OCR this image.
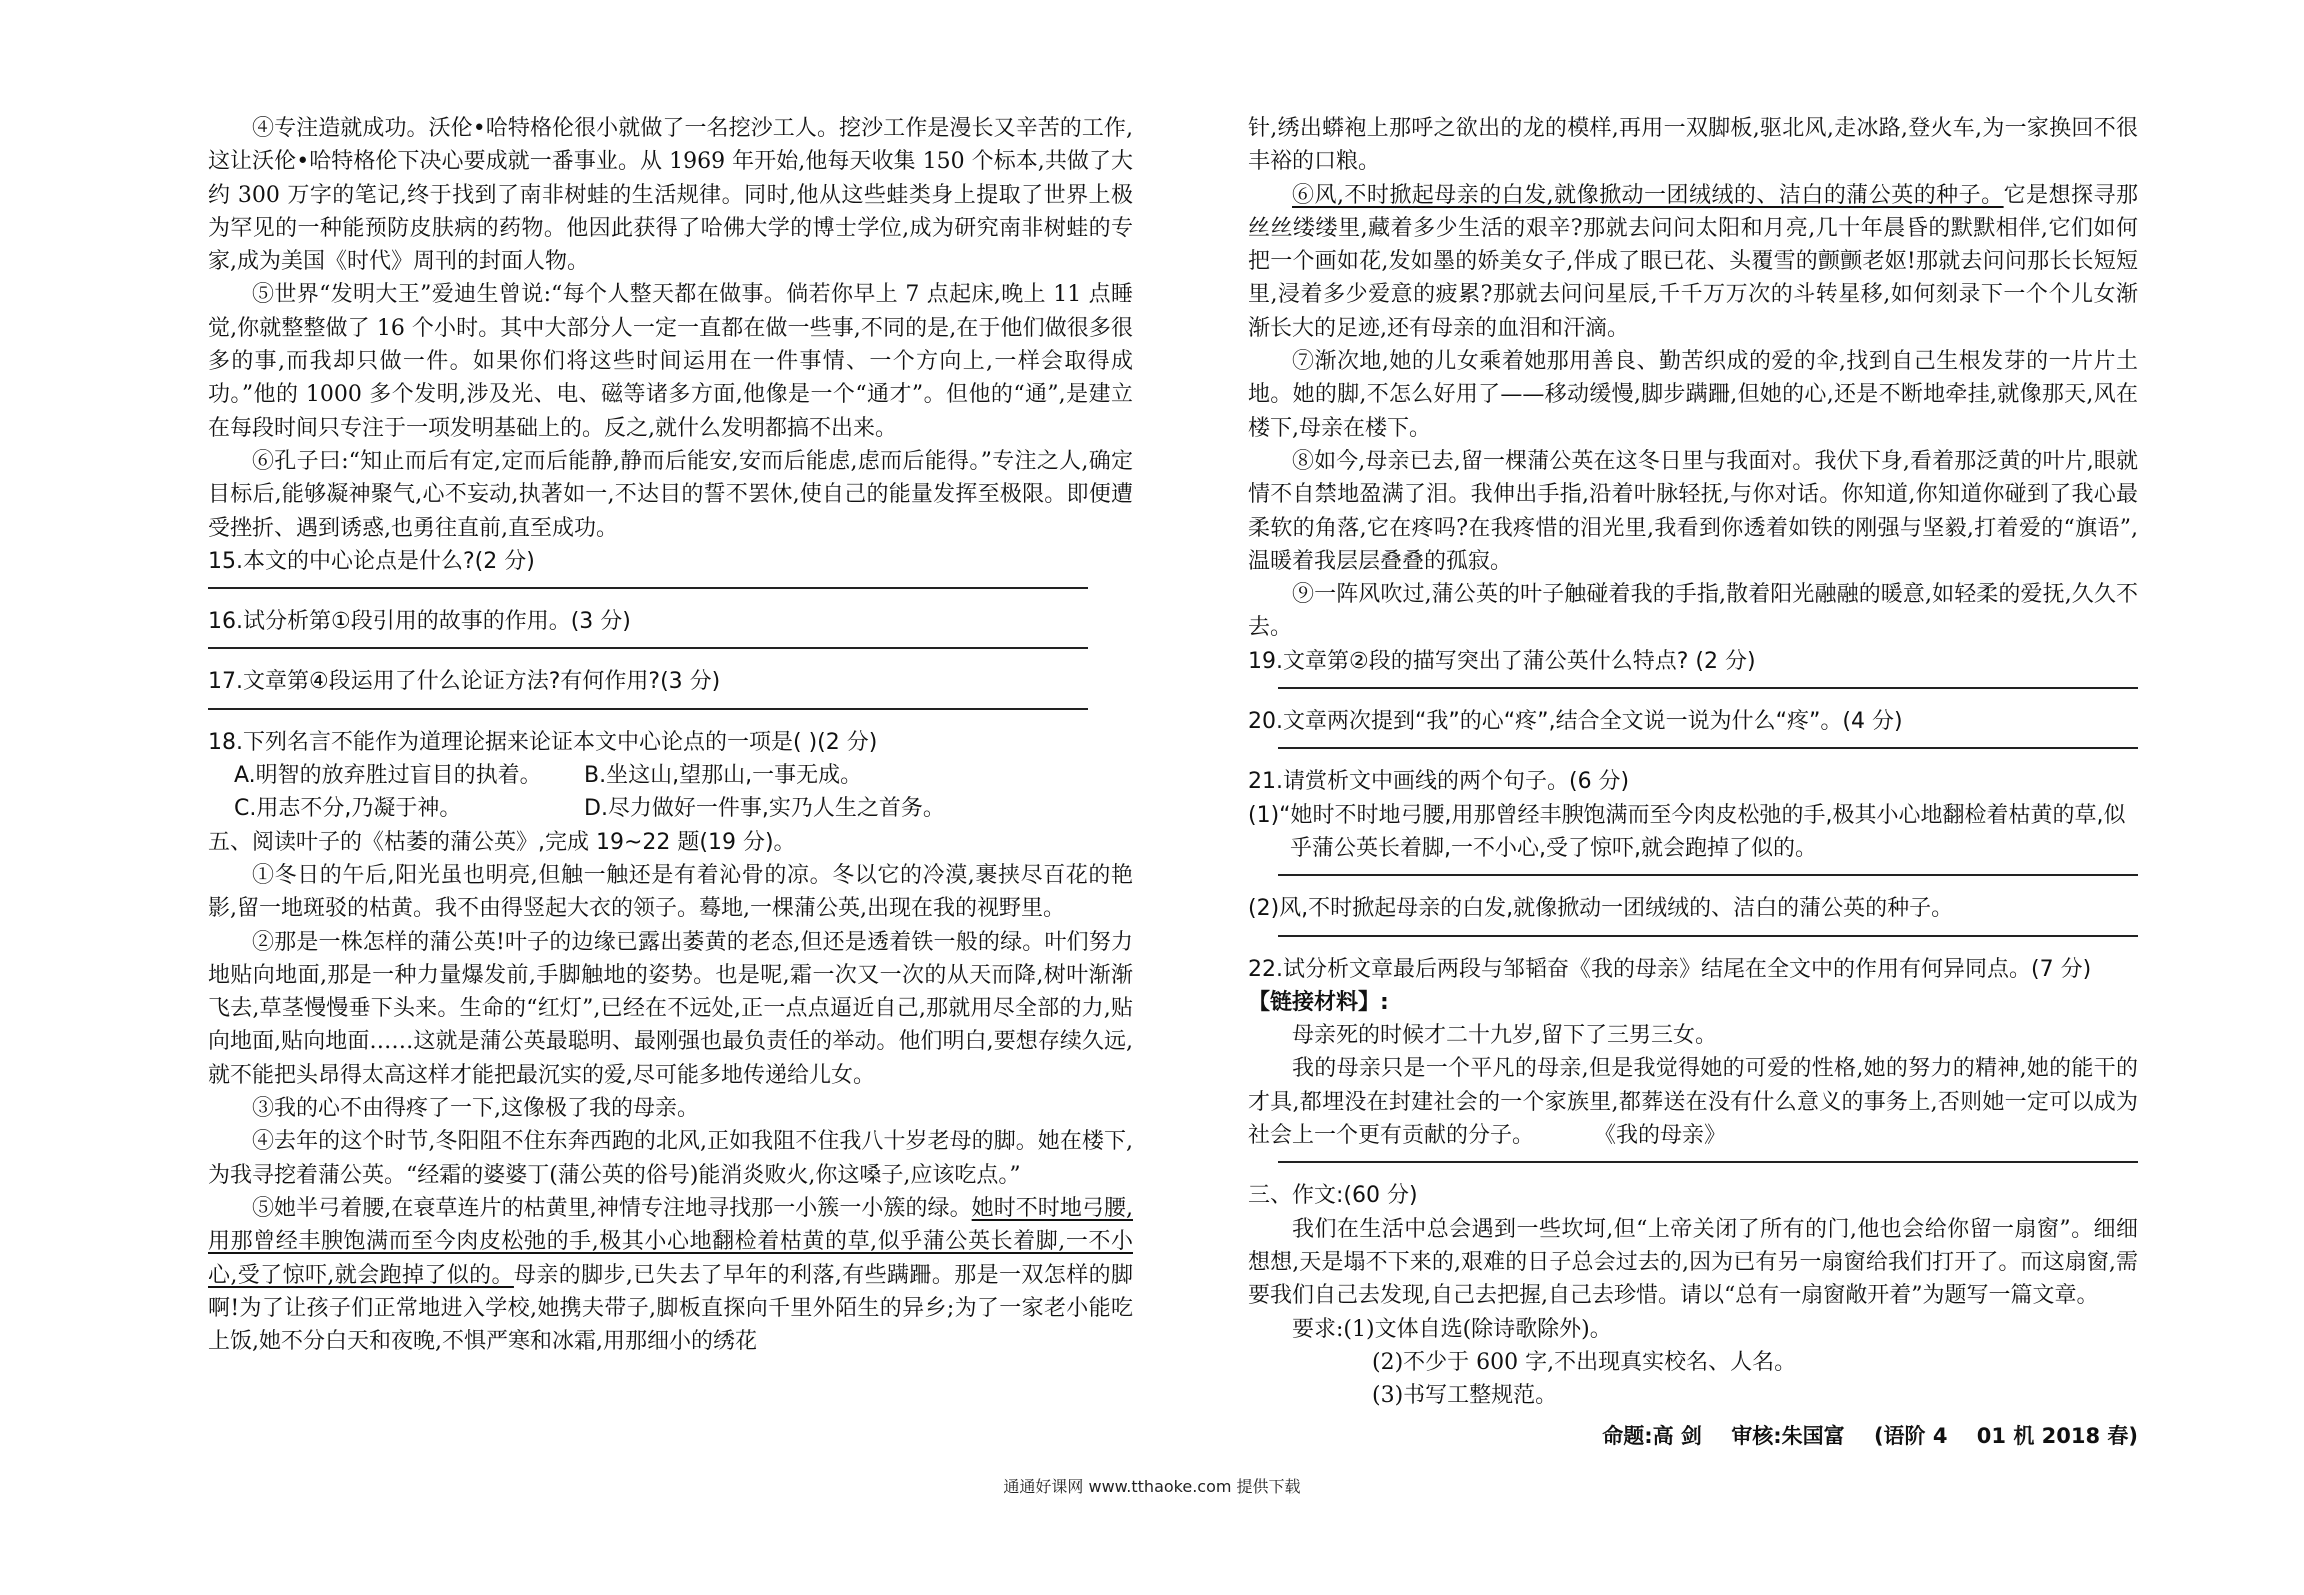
④专注造就成功。沃伦•哈特格伦很小就做了一名挖沙工人。挖沙工作是漫长又辛苦的工作,这让沃伦•哈特格伦下决心要成就一番事业。从 1969 年开始,他每天收集 150 个标本,共做了大约 300 万字的笔记,终于找到了南非树蛙的生活规律。同时,他从这些蛙类身上提取了世界上极为罕见的一种能预防皮肤病的药物。他因此获得了哈佛大学的博士学位,成为研究南非树蛙的专家,成为美国《时代》周刊的封面人物。

⑤世界“发明大王”爱迪生曾说:“每个人整天都在做事。倘若你早上 7 点起床,晚上 11 点睡觉,你就整整做了 16 个小时。其中大部分人一定一直都在做一些事,不同的是,在于他们做很多很多的事,而我却只做一件。如果你们将这些时间运用在一件事情、一个方向上,一样会取得成功。”他的 1000 多个发明,涉及光、电、磁等诸多方面,他像是一个“通才”。但他的“通”,是建立在每段时间只专注于一项发明基础上的。反之,就什么发明都搞不出来。

⑥孔子曰:“知止而后有定,定而后能静,静而后能安,安而后能虑,虑而后能得。”专注之人,确定目标后,能够凝神聚气,心不妄动,执著如一,不达目的誓不罢休,使自己的能量发挥至极限。即便遭受挫折、遇到诱惑,也勇往直前,直至成功。

15.本文的中心论点是什么?(2 分)

16.试分析第①段引用的故事的作用。(3 分)

17.文章第④段运用了什么论证方法?有何作用?(3 分)

18.下列名言不能作为道理论据来论证本文中心论点的一项是( )(2 分)

A.明智的放弃胜过盲目的执着。	B.坐这山,望那山,一事无成。
C.用志不分,乃凝于神。	D.尽力做好一件事,实乃人生之首务。

五、阅读叶子的《枯萎的蒲公英》,完成 19~22 题(19 分)。

①冬日的午后,阳光虽也明亮,但触一触还是有着沁骨的凉。冬以它的冷漠,裹挟尽百花的艳影,留一地斑驳的枯黄。我不由得竖起大衣的领子。蓦地,一棵蒲公英,出现在我的视野里。

②那是一株怎样的蒲公英!叶子的边缘已露出萎黄的老态,但还是透着铁一般的绿。叶们努力地贴向地面,那是一种力量爆发前,手脚触地的姿势。也是呢,霜一次又一次的从天而降,树叶渐渐飞去,草茎慢慢垂下头来。生命的“红灯”,已经在不远处,正一点点逼近自己,那就用尽全部的力,贴向地面,贴向地面……这就是蒲公英最聪明、最刚强也最负责任的举动。他们明白,要想存续久远,就不能把头昂得太高这样才能把最沉实的爱,尽可能多地传递给儿女。

③我的心不由得疼了一下,这像极了我的母亲。

④去年的这个时节,冬阳阻不住东奔西跑的北风,正如我阻不住我八十岁老母的脚。她在楼下,为我寻挖着蒲公英。“经霜的婆婆丁(蒲公英的俗号)能消炎败火,你这嗓子,应该吃点。”

⑤她半弓着腰,在衰草连片的枯黄里,神情专注地寻找那一小簇一小簇的绿。她时不时地弓腰,用那曾经丰腴饱满而至今肉皮松弛的手,极其小心地翻检着枯黄的草,似乎蒲公英长着脚,一不小心,受了惊吓,就会跑掉了似的。母亲的脚步,已失去了早年的利落,有些蹒跚。那是一双怎样的脚啊!为了让孩子们正常地进入学校,她携夫带子,脚板直探向千里外陌生的异乡;为了一家老小能吃上饭,她不分白天和夜晚,不惧严寒和冰霜,用那细小的绣花

针,绣出蟒袍上那呼之欲出的龙的模样,再用一双脚板,驱北风,走冰路,登火车,为一家换回不很丰裕的口粮。

⑥风,不时掀起母亲的白发,就像掀动一团绒绒的、洁白的蒲公英的种子。它是想探寻那丝丝缕缕里,藏着多少生活的艰辛?那就去问问太阳和月亮,几十年晨昏的默默相伴,它们如何把一个画如花,发如墨的娇美女子,伴成了眼已花、头覆雪的颤颤老妪!那就去问问那长长短短里,浸着多少爱意的疲累?那就去问问星辰,千千万万次的斗转星移,如何刻录下一个个儿女渐渐长大的足迹,还有母亲的血泪和汗滴。

⑦渐次地,她的儿女乘着她那用善良、勤苦织成的爱的伞,找到自己生根发芽的一片片土地。她的脚,不怎么好用了——移动缓慢,脚步蹒跚,但她的心,还是不断地牵挂,就像那天,风在楼下,母亲在楼下。

⑧如今,母亲已去,留一棵蒲公英在这冬日里与我面对。我伏下身,看着那泛黄的叶片,眼就情不自禁地盈满了泪。我伸出手指,沿着叶脉轻抚,与你对话。你知道,你知道你碰到了我心最柔软的角落,它在疼吗?在我疼惜的泪光里,我看到你透着如铁的刚强与坚毅,打着爱的“旗语”,温暖着我层层叠叠的孤寂。

⑨一阵风吹过,蒲公英的叶子触碰着我的手指,散着阳光融融的暖意,如轻柔的爱抚,久久不去。

19.文章第②段的描写突出了蒲公英什么特点? (2 分)

20.文章两次提到“我”的心“疼”,结合全文说一说为什么“疼”。(4 分)

21.请赏析文中画线的两个句子。(6 分)

(1)“她时不时地弓腰,用那曾经丰腴饱满而至今肉皮松弛的手,极其小心地翻检着枯黄的草,似乎蒲公英长着脚,一不小心,受了惊吓,就会跑掉了似的。

(2)风,不时掀起母亲的白发,就像掀动一团绒绒的、洁白的蒲公英的种子。

22.试分析文章最后两段与邹韬奋《我的母亲》结尾在全文中的作用有何异同点。(7 分)

【链接材料】:

母亲死的时候才二十九岁,留下了三男三女。

我的母亲只是一个平凡的母亲,但是我觉得她的可爱的性格,她的努力的精神,她的能干的才具,都埋没在封建社会的一个家族里,都葬送在没有什么意义的事务上,否则她一定可以成为社会上一个更有贡献的分子。	《我的母亲》

三、作文:(60 分)

我们在生活中总会遇到一些坎坷,但“上帝关闭了所有的门,他也会给你留一扇窗”。细细想想,天是塌不下来的,艰难的日子总会过去的,因为已有另一扇窗给我们打开了。而这扇窗,需要我们自己去发现,自己去把握,自己去珍惜。请以“总有一扇窗敞开着”为题写一篇文章。

要求:(1)文体自选(除诗歌除外)。

(2)不少于 600 字,不出现真实校名、人名。

(3)书写工整规范。

命题:高 剑 审核:朱国富 (语阶 4 01 机 2018 春)
通通好课网 www.tthaoke.com 提供下载
